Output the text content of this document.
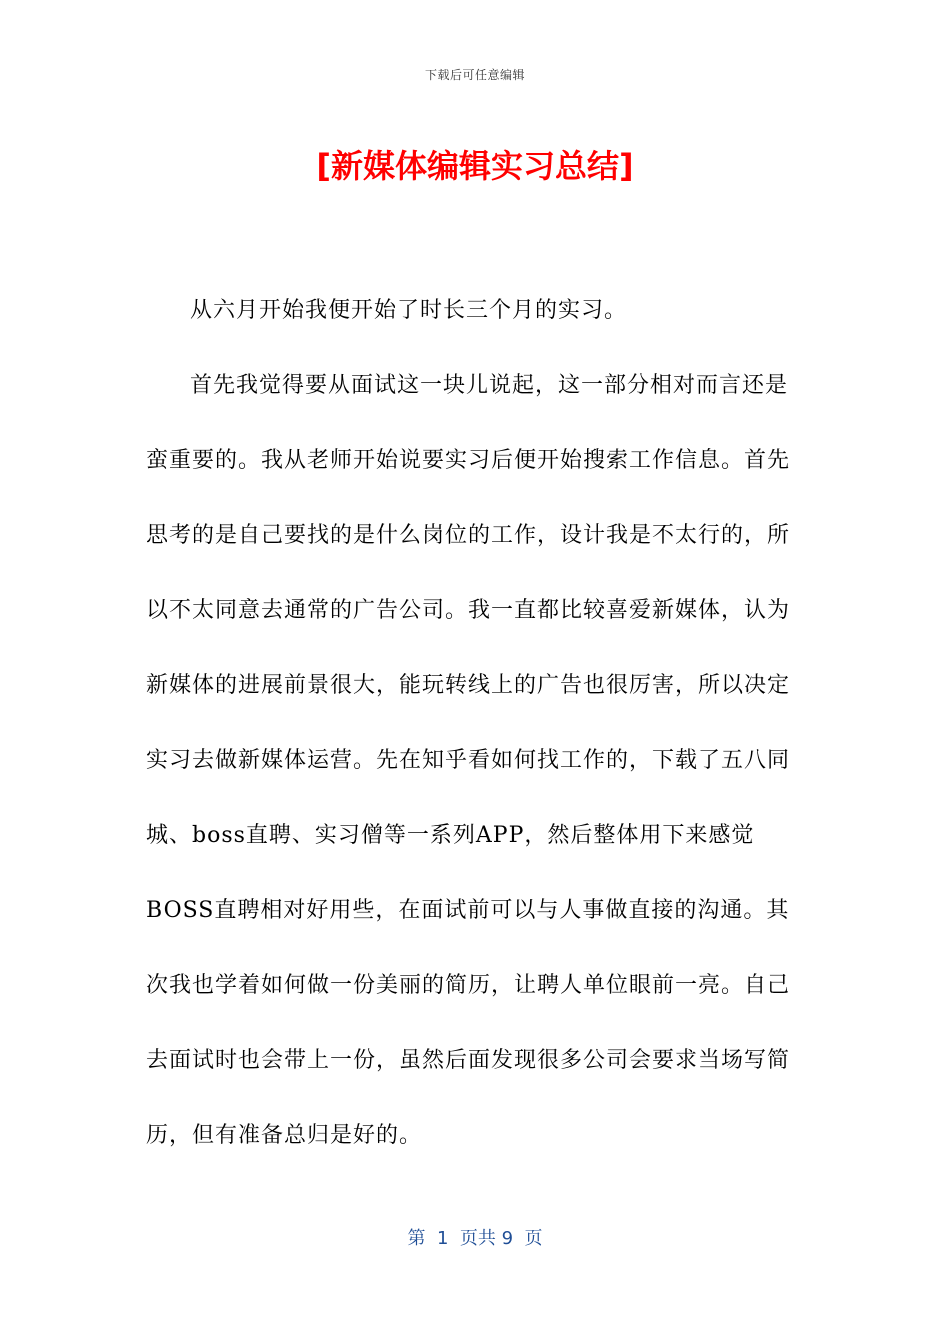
下载后可任意编辑
[新媒体编辑实习总结]

从六月开始我便开始了时长三个月的实习。

首先我觉得要从面试这一块儿说起，这一部分相对而言还是蛮重要的。我从老师开始说要实习后便开始搜索工作信息。首先思考的是自己要找的是什么岗位的工作，设计我是不太行的，所以不太同意去通常的广告公司。我一直都比较喜爱新媒体，认为新媒体的进展前景很大，能玩转线上的广告也很厉害，所以决定实习去做新媒体运营。先在知乎看如何找工作的，下载了五八同城、boss直聘、实习僧等一系列APP，然后整体用下来感觉BOSS直聘相对好用些，在面试前可以与人事做直接的沟通。其次我也学着如何做一份美丽的简历，让聘人单位眼前一亮。自己去面试时也会带上一份，虽然后面发现很多公司会要求当场写简历，但有准备总归是好的。

第  1  页共 9  页
